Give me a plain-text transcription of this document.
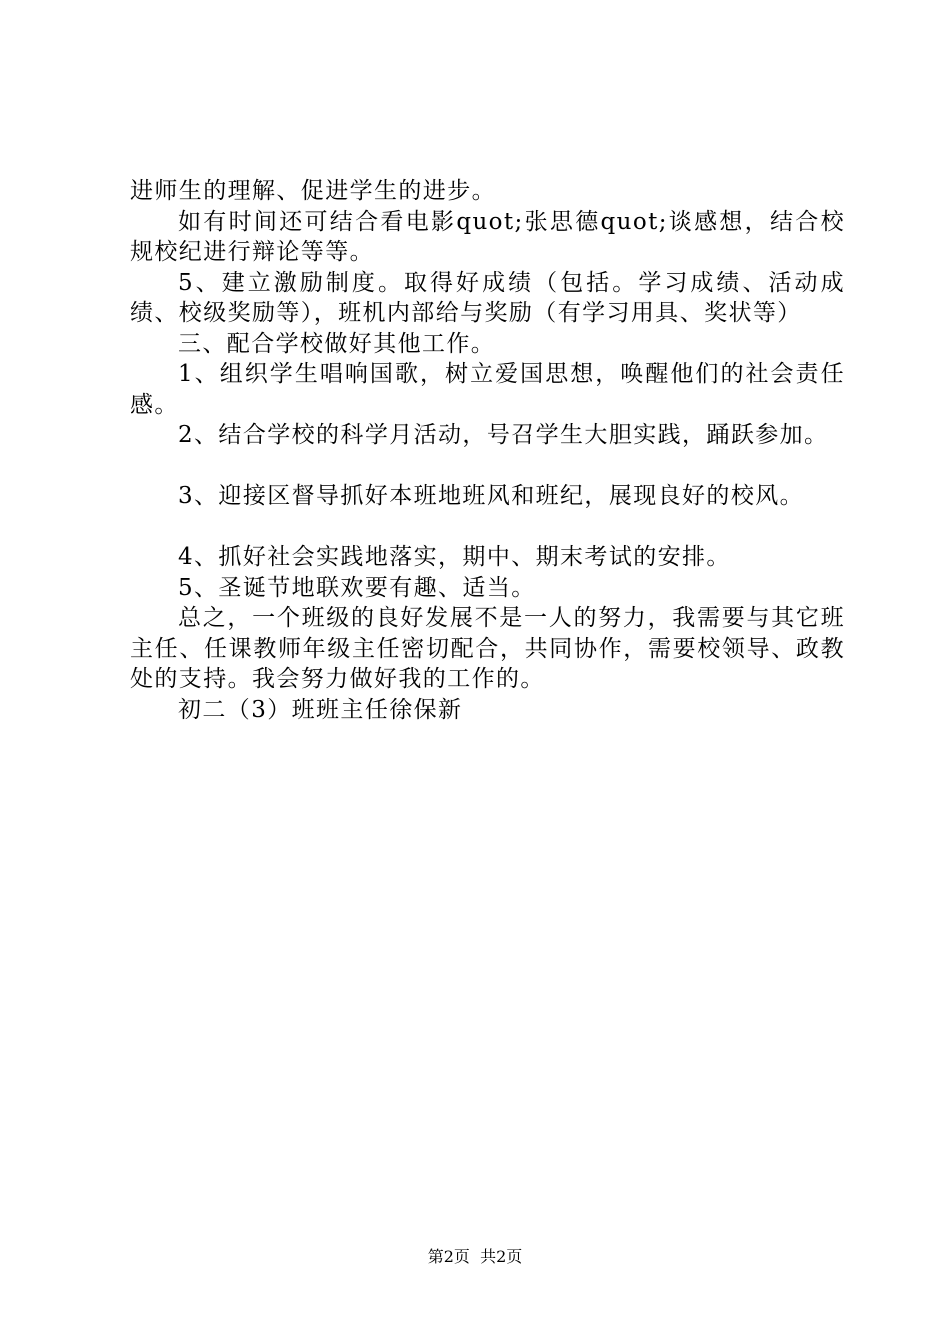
进师生的理解、促进学生的进步。

如有时间还可结合看电影quot;张思德quot;谈感想，结合校规校纪进行辩论等等。

5、建立激励制度。取得好成绩（包括。学习成绩、活动成绩、校级奖励等），班机内部给与奖励（有学习用具、奖状等）

三、配合学校做好其他工作。

1、组织学生唱响国歌，树立爱国思想，唤醒他们的社会责任感。

2、结合学校的科学月活动，号召学生大胆实践，踊跃参加。

3、迎接区督导抓好本班地班风和班纪，展现良好的校风。

4、抓好社会实践地落实，期中、期末考试的安排。

5、圣诞节地联欢要有趣、适当。

总之，一个班级的良好发展不是一人的努力，我需要与其它班主任、任课教师年级主任密切配合，共同协作，需要校领导、政教处的支持。我会努力做好我的工作的。

初二（3）班班主任徐保新

第2页  共2页
